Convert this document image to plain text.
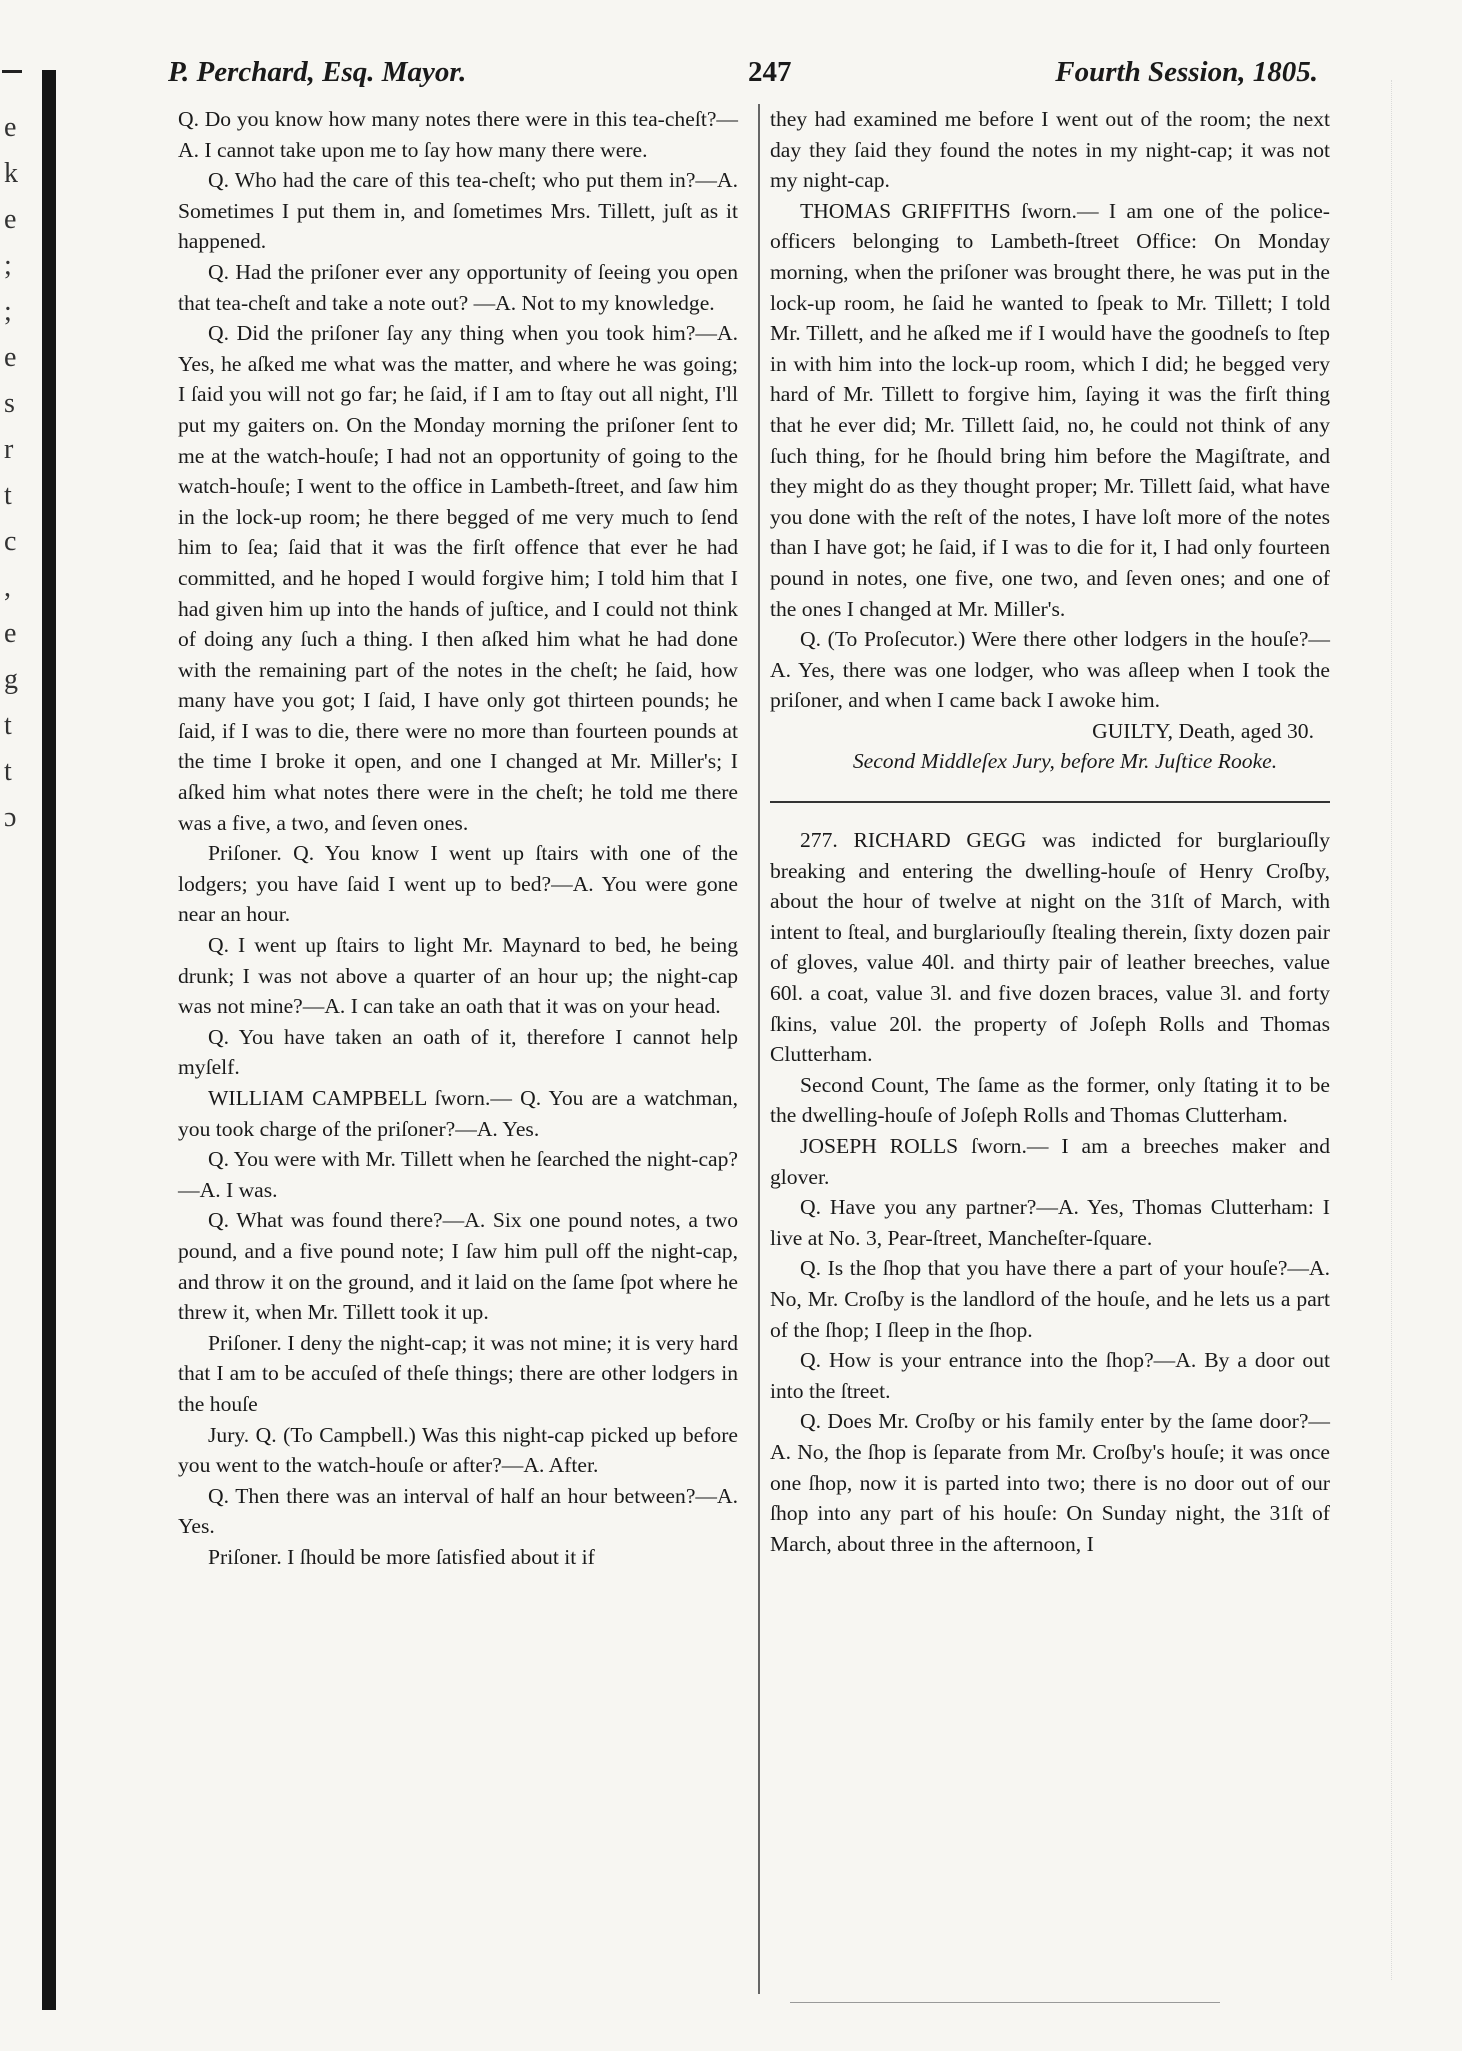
e
k
e
;
;
e
s
r
t
c
,
e
g
t
t
ɔ
P. Perchard, Esq. Mayor.	247	Fourth Session, 1805.

Q. Do you know how many notes there were in this tea-cheſt?—A. I cannot take upon me to ſay how many there were.

Q. Who had the care of this tea-cheſt; who put them in?—A. Sometimes I put them in, and ſometimes Mrs. Tillett, juſt as it happened.

Q. Had the priſoner ever any opportunity of ſeeing you open that tea-cheſt and take a note out? —A. Not to my knowledge.

Q. Did the priſoner ſay any thing when you took him?—A. Yes, he aſked me what was the matter, and where he was going; I ſaid you will not go far; he ſaid, if I am to ſtay out all night, I'll put my gaiters on. On the Monday morning the priſoner ſent to me at the watch-houſe; I had not an opportunity of going to the watch-houſe; I went to the office in Lambeth-ſtreet, and ſaw him in the lock-up room; he there begged of me very much to ſend him to ſea; ſaid that it was the firſt offence that ever he had committed, and he hoped I would forgive him; I told him that I had given him up into the hands of juſtice, and I could not think of doing any ſuch a thing. I then aſked him what he had done with the remaining part of the notes in the cheſt; he ſaid, how many have you got; I ſaid, I have only got thirteen pounds; he ſaid, if I was to die, there were no more than fourteen pounds at the time I broke it open, and one I changed at Mr. Miller's; I aſked him what notes there were in the cheſt; he told me there was a five, a two, and ſeven ones.

Priſoner. Q. You know I went up ſtairs with one of the lodgers; you have ſaid I went up to bed?—A. You were gone near an hour.

Q. I went up ſtairs to light Mr. Maynard to bed, he being drunk; I was not above a quarter of an hour up; the night-cap was not mine?—A. I can take an oath that it was on your head.

Q. You have taken an oath of it, therefore I cannot help myſelf.

WILLIAM CAMPBELL ſworn.— Q. You are a watchman, you took charge of the priſoner?—A. Yes.

Q. You were with Mr. Tillett when he ſearched the night-cap?—A. I was.

Q. What was found there?—A. Six one pound notes, a two pound, and a five pound note; I ſaw him pull off the night-cap, and throw it on the ground, and it laid on the ſame ſpot where he threw it, when Mr. Tillett took it up.

Priſoner. I deny the night-cap; it was not mine; it is very hard that I am to be accuſed of theſe things; there are other lodgers in the houſe

Jury. Q. (To Campbell.) Was this night-cap picked up before you went to the watch-houſe or after?—A. After.

Q. Then there was an interval of half an hour between?—A. Yes.

Priſoner. I ſhould be more ſatisfied about it if

they had examined me before I went out of the room; the next day they ſaid they found the notes in my night-cap; it was not my night-cap.

THOMAS GRIFFITHS ſworn.— I am one of the police-officers belonging to Lambeth-ſtreet Office: On Monday morning, when the priſoner was brought there, he was put in the lock-up room, he ſaid he wanted to ſpeak to Mr. Tillett; I told Mr. Tillett, and he aſked me if I would have the goodneſs to ſtep in with him into the lock-up room, which I did; he begged very hard of Mr. Tillett to forgive him, ſaying it was the firſt thing that he ever did; Mr. Tillett ſaid, no, he could not think of any ſuch thing, for he ſhould bring him before the Magiſtrate, and they might do as they thought proper; Mr. Tillett ſaid, what have you done with the reſt of the notes, I have loſt more of the notes than I have got; he ſaid, if I was to die for it, I had only fourteen pound in notes, one five, one two, and ſeven ones; and one of the ones I changed at Mr. Miller's.

Q. (To Proſecutor.) Were there other lodgers in the houſe?—A. Yes, there was one lodger, who was aſleep when I took the priſoner, and when I came back I awoke him.

GUILTY, Death, aged 30.

Second Middleſex Jury, before Mr. Juſtice Rooke.

277. RICHARD GEGG was indicted for burglariouſly breaking and entering the dwelling-houſe of Henry Croſby, about the hour of twelve at night on the 31ſt of March, with intent to ſteal, and burglariouſly ſtealing therein, ſixty dozen pair of gloves, value 40l. and thirty pair of leather breeches, value 60l. a coat, value 3l. and five dozen braces, value 3l. and forty ſkins, value 20l. the property of Joſeph Rolls and Thomas Clutterham.

Second Count, The ſame as the former, only ſtating it to be the dwelling-houſe of Joſeph Rolls and Thomas Clutterham.

JOSEPH ROLLS ſworn.— I am a breeches maker and glover.

Q. Have you any partner?—A. Yes, Thomas Clutterham: I live at No. 3, Pear-ſtreet, Mancheſter-ſquare.

Q. Is the ſhop that you have there a part of your houſe?—A. No, Mr. Croſby is the landlord of the houſe, and he lets us a part of the ſhop; I ſleep in the ſhop.

Q. How is your entrance into the ſhop?—A. By a door out into the ſtreet.

Q. Does Mr. Croſby or his family enter by the ſame door?—A. No, the ſhop is ſeparate from Mr. Croſby's houſe; it was once one ſhop, now it is parted into two; there is no door out of our ſhop into any part of his houſe: On Sunday night, the 31ſt of March, about three in the afternoon, I
